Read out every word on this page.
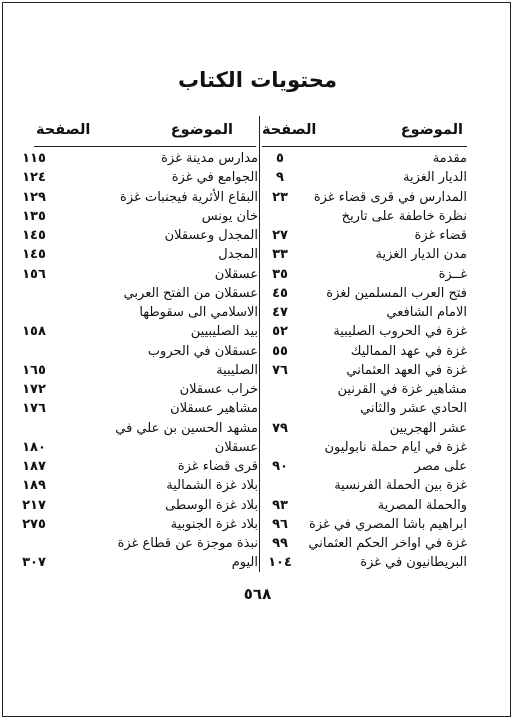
محتويات الكتاب
الموضوع
الصفحة
الموضوع
الصفحة
مقدمة
٥
الديار الغزية
٩
المدارس في قرى قضاء غزة
٢٣
نظرة خاطفة على تاريخ
قضاء غزة
٢٧
مدن الديار الغزية
٣٣
غــزة
٣٥
فتح العرب المسلمين لغزة
٤٥
الامام الشافعي
٤٧
غزة في الحروب الصليبية
٥٢
غزة في عهد المماليك
٥٥
غزة في العهد العثماني
٧٦
مشاهير غزة في القرنين
الحادي عشر والثاني
عشر الهجريين
٧٩
غزة في ايام حملة نابوليون
على مصر
٩٠
غزة بين الحملة الفرنسية
والحملة المصرية
٩٣
ابراهيم باشا المصري في غزة
٩٦
غزة في اواخر الحكم العثماني
٩٩
البريطانيون في غزة
١٠٤
مدارس مدينة غزة
١١٥
الجوامع في غزة
١٢٤
البقاع الأثرية فيجنبات غزة
١٢٩
خان يونس
١٣٥
المجدل وعسقلان
١٤٥
المجدل
١٤٥
عسقلان
١٥٦
عسقلان من الفتح العربي
الاسلامي الى سقوطها
بيد الصليبيين
١٥٨
عسقلان في الحروب
الصليبية
١٦٥
خراب عسقلان
١٧٢
مشاهير عسقلان
١٧٦
مشهد الحسين بن علي في
عسقلان
١٨٠
قرى قضاء غزة
١٨٧
بلاد غزة الشمالية
١٨٩
بلاد غزة الوسطى
٢١٧
بلاد غزة الجنوبية
٢٧٥
نبذة موجزة عن قطاع غزة
اليوم
٣٠٧
٥٦٨
